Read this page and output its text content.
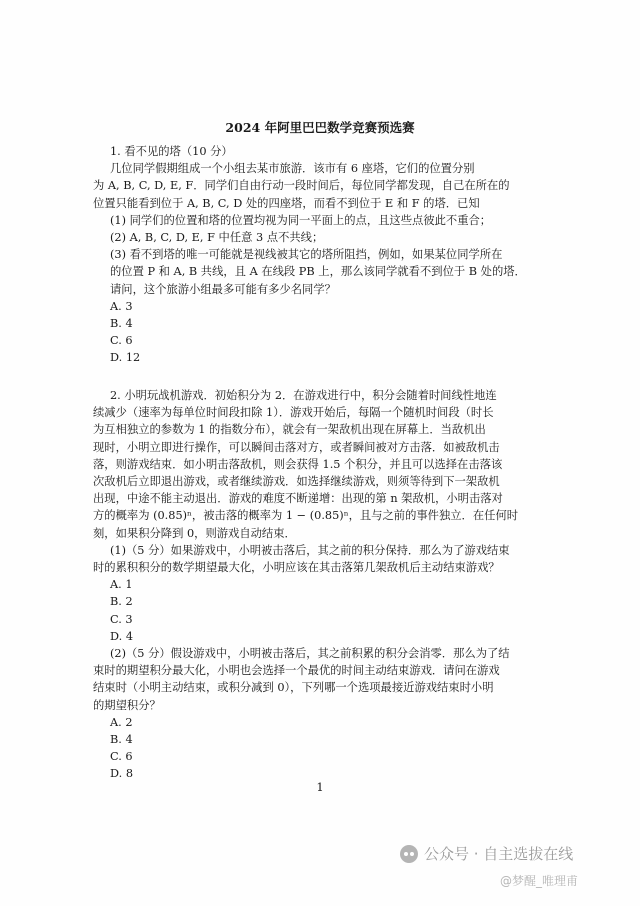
2024 年阿里巴巴数学竞赛预选赛

1. 看不见的塔（10 分）

几位同学假期组成一个小组去某市旅游．该市有 6 座塔，它们的位置分别

为 A, B, C, D, E, F．同学们自由行动一段时间后，每位同学都发现，自己在所在的

位置只能看到位于 A, B, C, D 处的四座塔，而看不到位于 E 和 F 的塔．已知

(1) 同学们的位置和塔的位置均视为同一平面上的点，且这些点彼此不重合；

(2) A, B, C, D, E, F 中任意 3 点不共线；

(3) 看不到塔的唯一可能就是视线被其它的塔所阻挡，例如，如果某位同学所在

的位置 P 和 A, B 共线，且 A 在线段 PB 上，那么该同学就看不到位于 B 处的塔．

请问，这个旅游小组最多可能有多少名同学？

A. 3

B. 4

C. 6

D. 12

2. 小明玩战机游戏．初始积分为 2．在游戏进行中，积分会随着时间线性地连

续减少（速率为每单位时间段扣除 1）．游戏开始后，每隔一个随机时间段（时长

为互相独立的参数为 1 的指数分布），就会有一架敌机出现在屏幕上．当敌机出

现时，小明立即进行操作，可以瞬间击落对方，或者瞬间被对方击落．如被敌机击

落，则游戏结束．如小明击落敌机，则会获得 1.5 个积分，并且可以选择在击落该

次敌机后立即退出游戏，或者继续游戏．如选择继续游戏，则须等待到下一架敌机

出现，中途不能主动退出．游戏的难度不断递增：出现的第 n 架敌机，小明击落对

方的概率为 (0.85)ⁿ，被击落的概率为 1 − (0.85)ⁿ，且与之前的事件独立．在任何时

刻，如果积分降到 0，则游戏自动结束．

(1)（5 分）如果游戏中，小明被击落后，其之前的积分保持．那么为了游戏结束

时的累积积分的数学期望最大化，小明应该在其击落第几架敌机后主动结束游戏？

A. 1

B. 2

C. 3

D. 4

(2)（5 分）假设游戏中，小明被击落后，其之前积累的积分会消零．那么为了结

束时的期望积分最大化，小明也会选择一个最优的时间主动结束游戏．请问在游戏

结束时（小明主动结束，或积分减到 0），下列哪一个选项最接近游戏结束时小明

的期望积分？

A. 2

B. 4

C. 6

D. 8

1
公众号 · 自主选拔在线
@梦醒_唯理甫
